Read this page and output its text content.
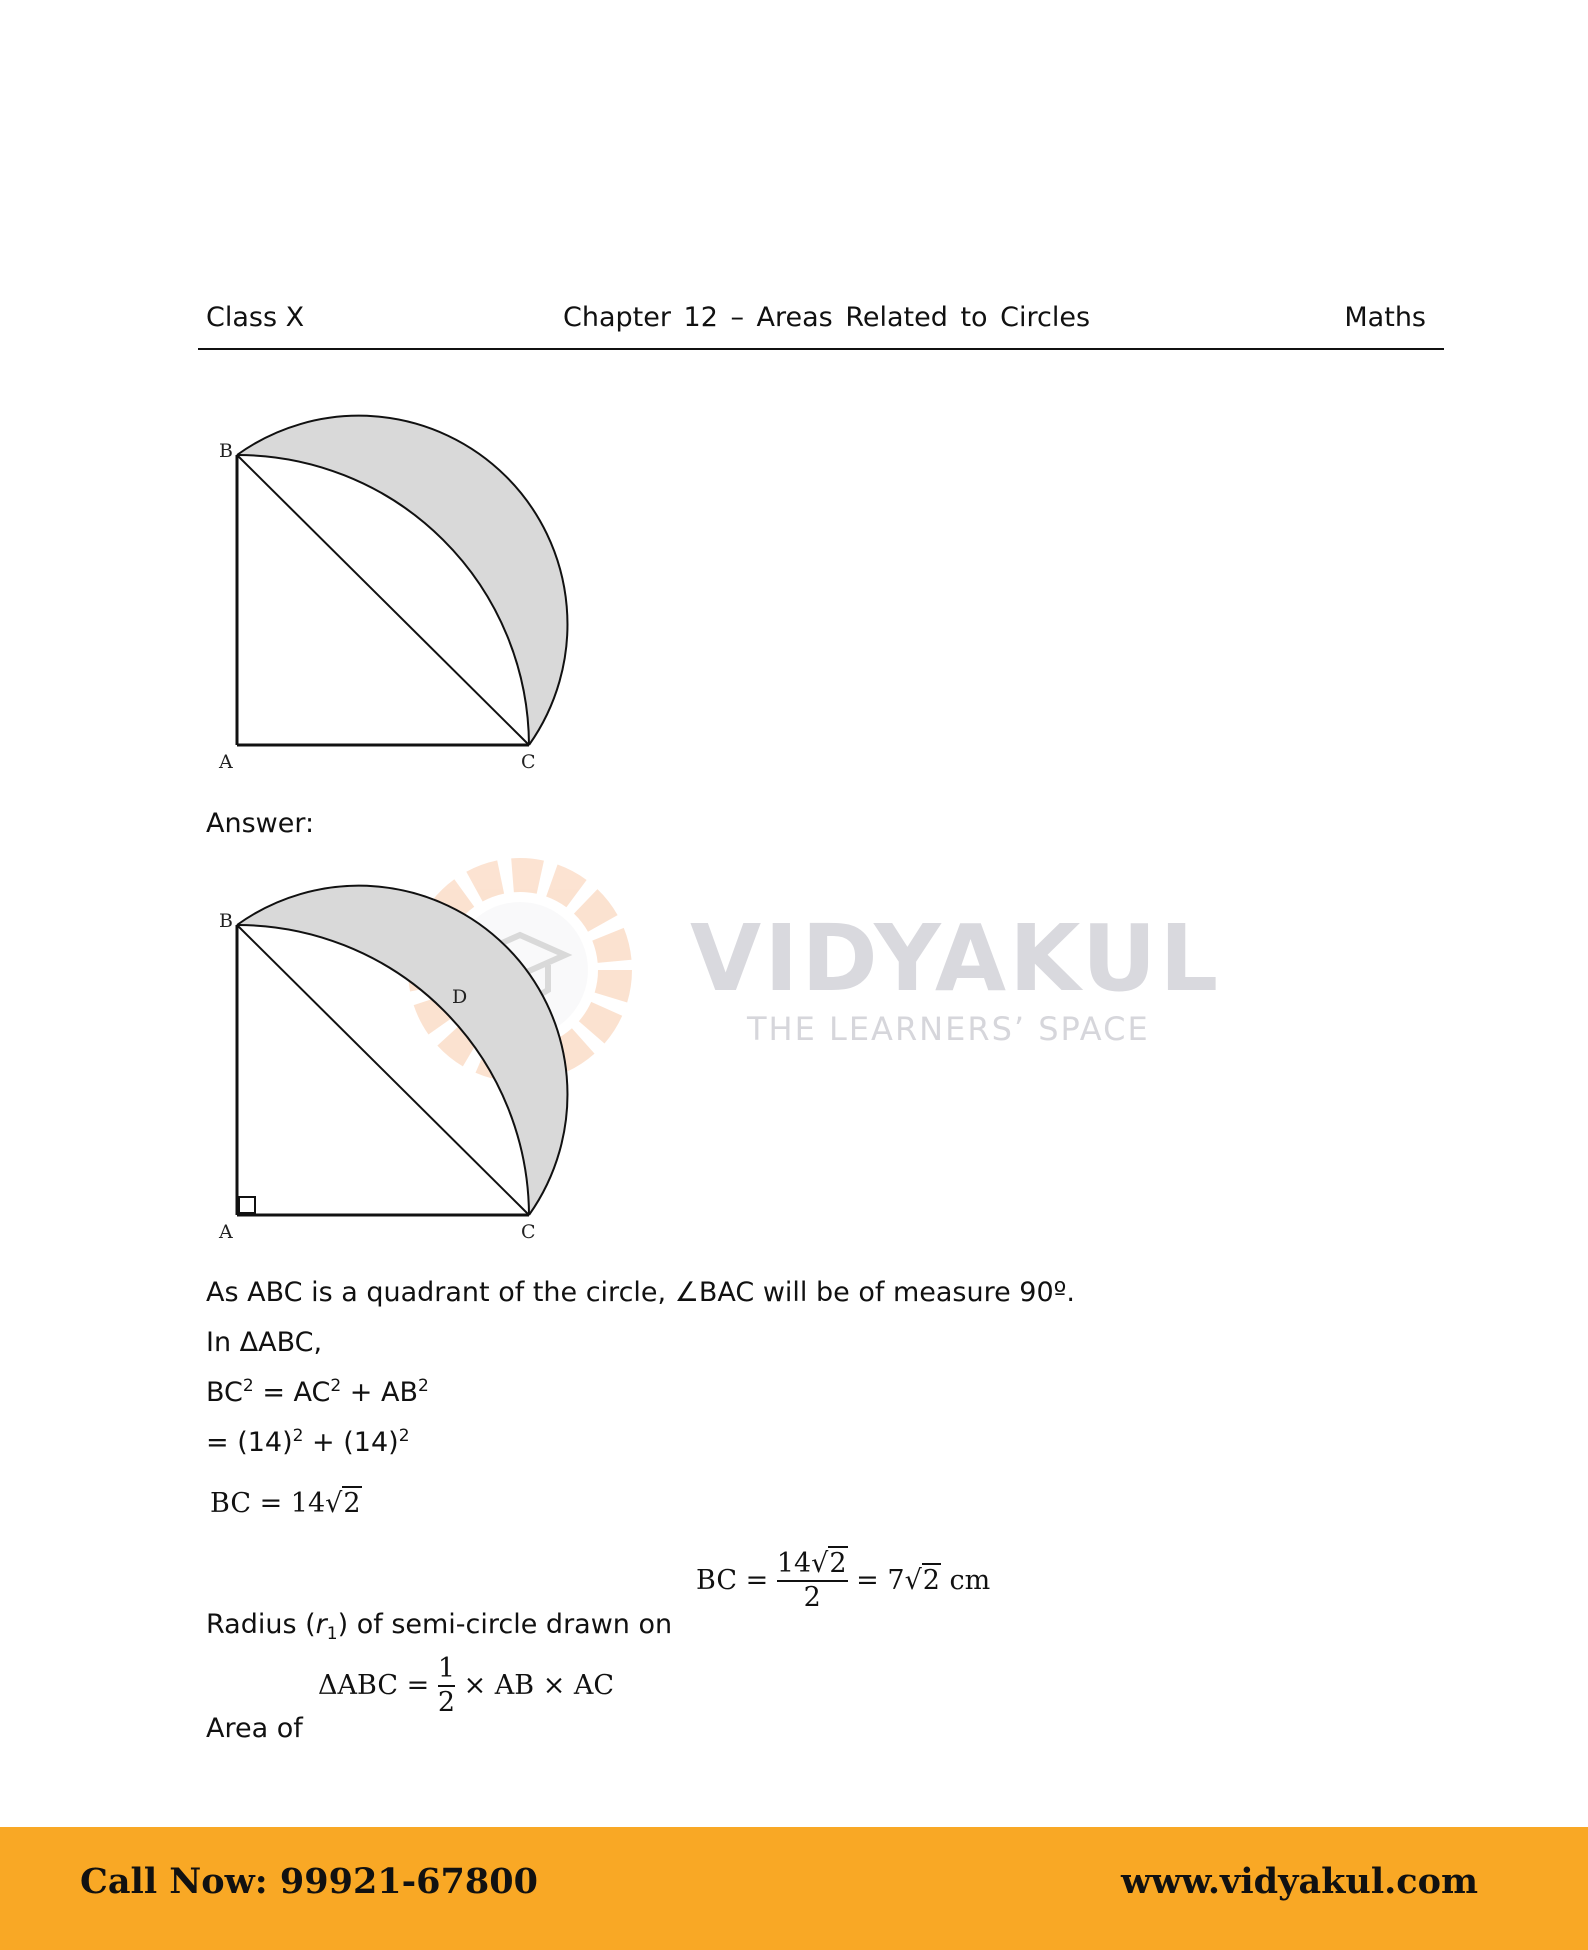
Class X	Chapter 12 – Areas Related to Circles	Maths
B
A	C
Answer:
VIDYAKUL
THE LEARNERS’ SPACE
B
A	C
D
As ABC is a quadrant of the circle, ∠BAC will be of measure 90º.
In ΔABC,
$BC^2 = AC^2 + AB^2$
= $(14)^2 + (14)^2$
BC = 14√2
Radius $(r_1)$ of semi-circle drawn on
BC = $\frac{14√2}{2} = 7√2$ cm
Area of
$\Delta ABC = \frac{1}{2}$ × AB × AC
Call Now: 99921-67800	www.vidyakul.com
